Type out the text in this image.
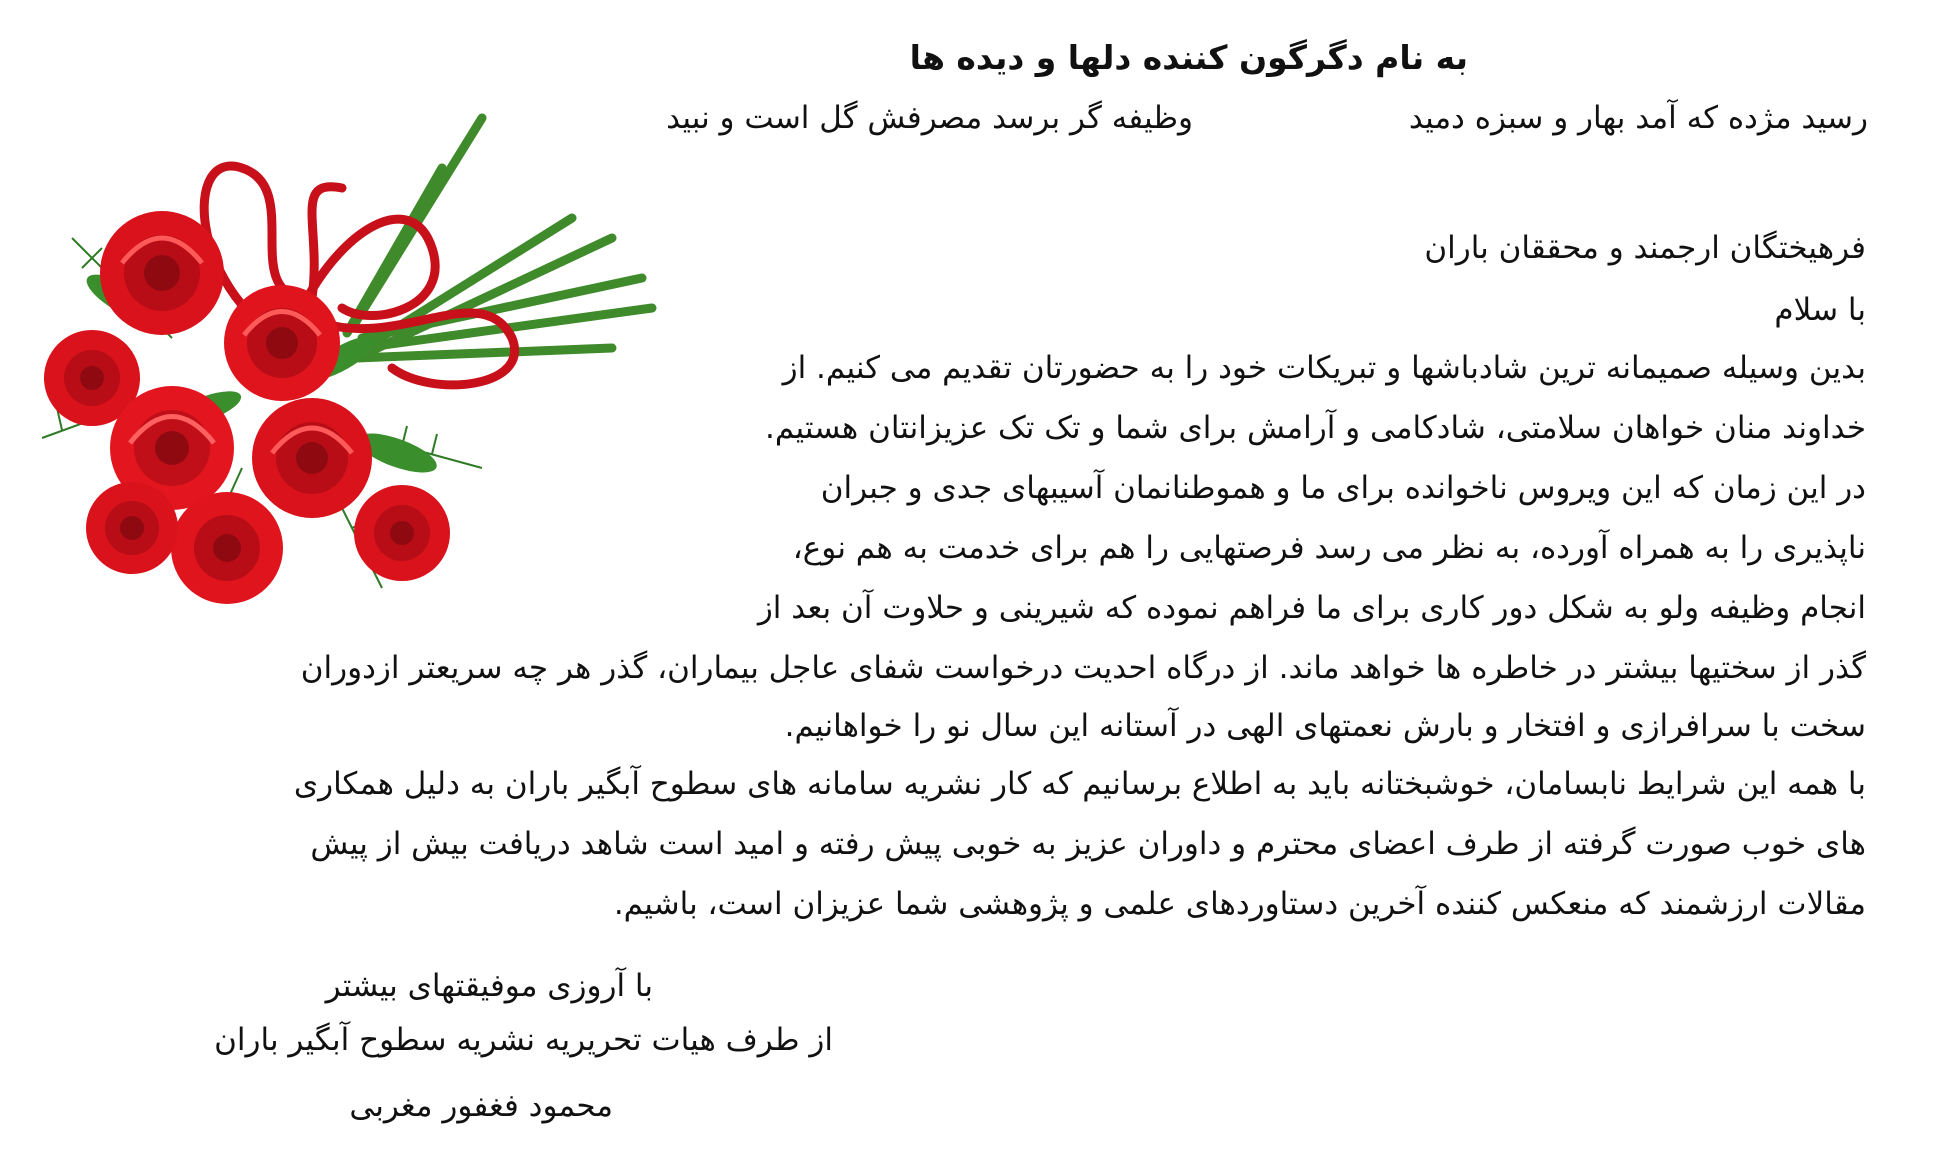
به نام دگرگون کننده دلها و دیده ها
رسید مژده که آمد بهار و سبزه دمید
وظیفه گر برسد مصرفش گل است و نبید
فرهیختگان ارجمند و محققان باران
با سلام
بدین وسیله صمیمانه ترین شادباشها و تبریکات خود را به حضورتان تقدیم می کنیم. از
خداوند منان خواهان سلامتی، شادکامی و آرامش برای شما و تک تک عزیزانتان هستیم.
در این زمان که این ویروس ناخوانده برای ما و هموطنانمان آسیبهای جدی و جبران
ناپذیری را به همراه آورده، به نظر می رسد فرصتهایی را هم برای خدمت به هم نوع،
انجام وظیفه ولو به شکل دور کاری برای ما فراهم نموده که شیرینی و حلاوت آن بعد از
گذر از سختیها بیشتر در خاطره ها خواهد ماند. از درگاه احدیت درخواست شفای عاجل بیماران، گذر هر چه سریعتر ازدوران
سخت با سرافرازی و افتخار و بارش نعمتهای الهی در آستانه این سال نو را خواهانیم.
با همه این شرایط نابسامان، خوشبختانه باید به اطلاع برسانیم که کار نشریه سامانه های سطوح آبگیر باران به دلیل همکاری
های خوب صورت گرفته از طرف اعضای محترم و داوران عزیز به خوبی پیش رفته و امید است شاهد دریافت بیش از پیش
مقالات ارزشمند که منعکس کننده آخرین دستاوردهای علمی و پژوهشی شما عزیزان است، باشیم.
با آروزی موفیقتهای بیشتر
از طرف هیات تحریریه نشریه سطوح آبگیر باران
محمود فغفور مغربی
